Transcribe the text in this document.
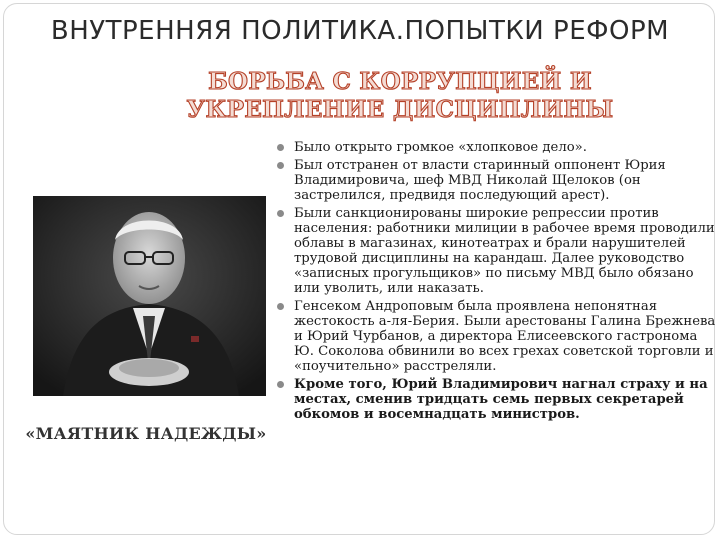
ВНУТРЕННЯЯ ПОЛИТИКА.ПОПЫТКИ РЕФОРМ
БОРЬБА С КОРРУПЦИЕЙ И УКРЕПЛЕНИЕ ДИСЦИПЛИНЫ
«МАЯТНИК НАДЕЖДЫ»
Было открыто громкое «хлопковое дело».
Был отстранен от власти старинный оппонент Юрия Владимировича, шеф МВД Николай Щелоков (он застрелился, предвидя последующий арест).
Были санкционированы широкие репрессии против населения: работники милиции в рабочее время проводили облавы в магазинах, кинотеатрах и брали нарушителей трудовой дисциплины на карандаш. Далее руководство «записных прогульщиков» по письму МВД было обязано или уволить, или наказать.
Генсеком Андроповым была проявлена непонятная жестокость а-ля-Берия. Были арестованы Галина Брежнева и Юрий Чурбанов, а директора Елисеевского гастронома Ю. Соколова обвинили во всех грехах советской торговли и «поучительно» расстреляли.
Кроме того, Юрий Владимирович нагнал страху и на местах, сменив тридцать семь первых секретарей обкомов и восемнадцать министров.
